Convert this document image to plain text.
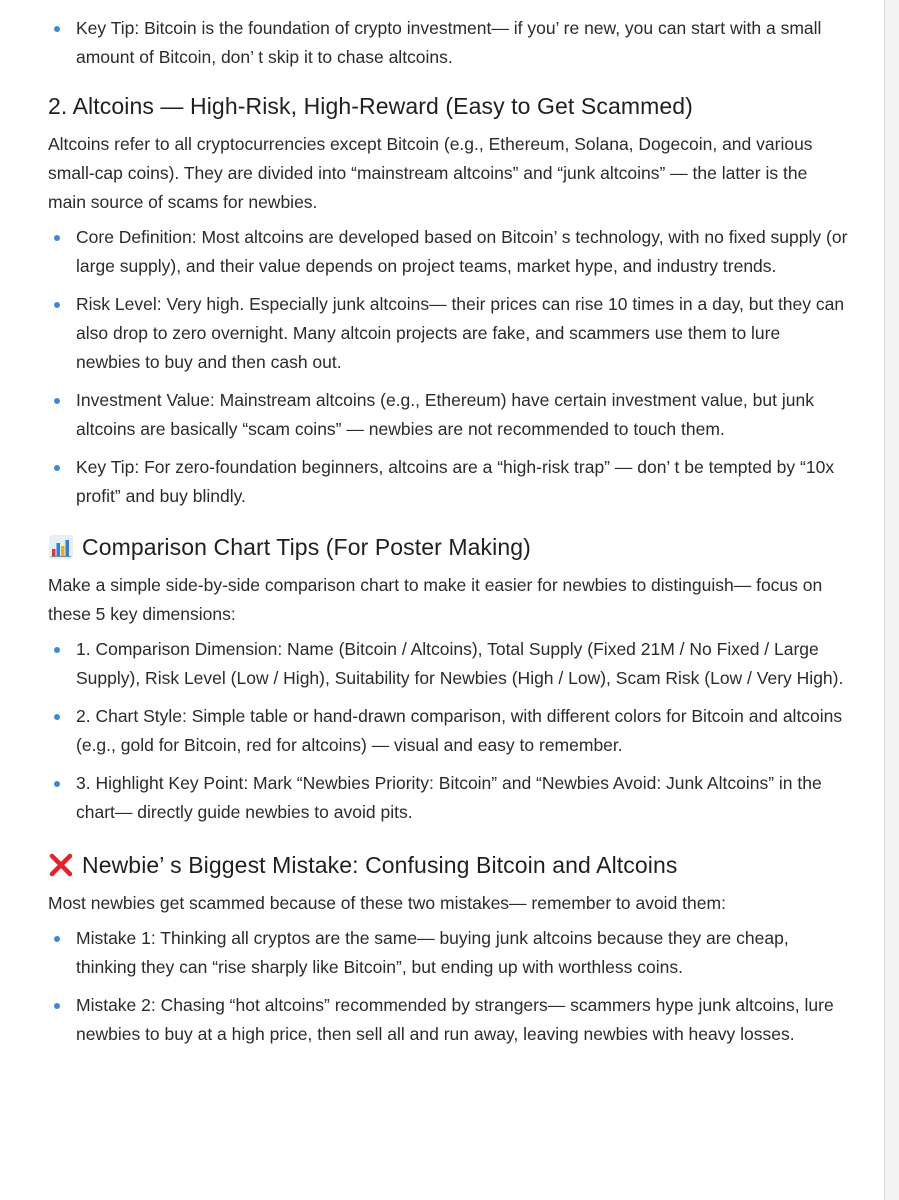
Key Tip: Bitcoin is the foundation of crypto investment— if you’ re new, you can start with a small amount of Bitcoin, don’ t skip it to chase altcoins.
2. Altcoins — High-Risk, High-Reward (Easy to Get Scammed)

Altcoins refer to all cryptocurrencies except Bitcoin (e.g., Ethereum, Solana, Dogecoin, and various small-cap coins). They are divided into “mainstream altcoins” and “junk altcoins” — the latter is the main source of scams for newbies.

Core Definition: Most altcoins are developed based on Bitcoin’ s technology, with no fixed supply (or large supply), and their value depends on project teams, market hype, and industry trends.
Risk Level: Very high. Especially junk altcoins— their prices can rise 10 times in a day, but they can also drop to zero overnight. Many altcoin projects are fake, and scammers use them to lure newbies to buy and then cash out.
Investment Value: Mainstream altcoins (e.g., Ethereum) have certain investment value, but junk altcoins are basically “scam coins” — newbies are not recommended to touch them.
Key Tip: For zero-foundation beginners, altcoins are a “high-risk trap” — don’ t be tempted by “10x profit” and buy blindly.
Comparison Chart Tips (For Poster Making)

Make a simple side-by-side comparison chart to make it easier for newbies to distinguish— focus on these 5 key dimensions:

1. Comparison Dimension: Name (Bitcoin / Altcoins), Total Supply (Fixed 21M / No Fixed / Large Supply), Risk Level (Low / High), Suitability for Newbies (High / Low), Scam Risk (Low / Very High).
2. Chart Style: Simple table or hand-drawn comparison, with different colors for Bitcoin and altcoins (e.g., gold for Bitcoin, red for altcoins) — visual and easy to remember.
3. Highlight Key Point: Mark “Newbies Priority: Bitcoin” and “Newbies Avoid: Junk Altcoins” in the chart— directly guide newbies to avoid pits.
Newbie’ s Biggest Mistake: Confusing Bitcoin and Altcoins

Most newbies get scammed because of these two mistakes— remember to avoid them:

Mistake 1: Thinking all cryptos are the same— buying junk altcoins because they are cheap, thinking they can “rise sharply like Bitcoin”, but ending up with worthless coins.
Mistake 2: Chasing “hot altcoins” recommended by strangers— scammers hype junk altcoins, lure newbies to buy at a high price, then sell all and run away, leaving newbies with heavy losses.
